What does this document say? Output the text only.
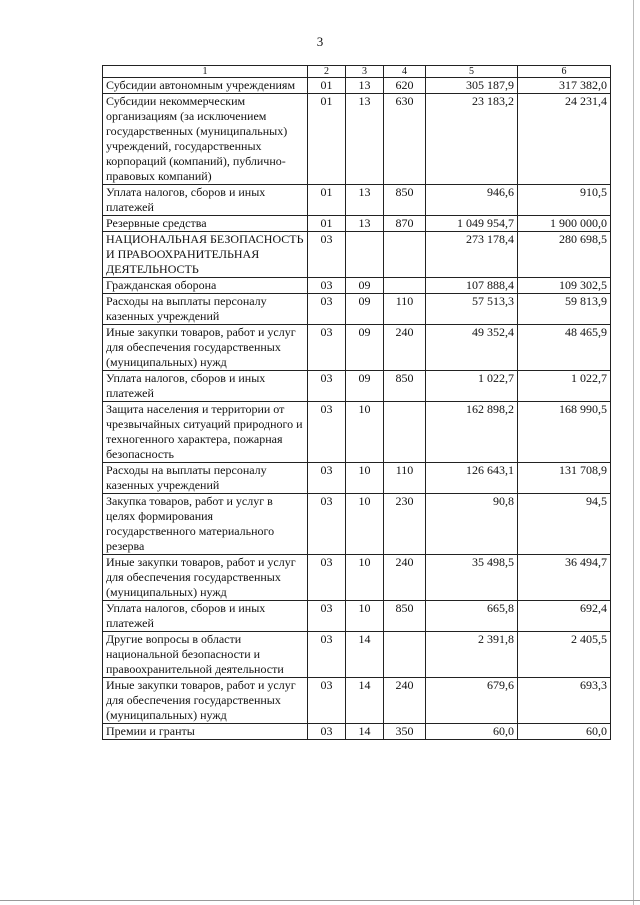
3
1	2	3	4	5	6
Субсидии автономным учреждениям	01	13	620	305 187,9	317 382,0
Субсидии некоммерческим организациям (за исключением государственных (муниципальных) учреждений, государственных корпораций (компаний), публично-правовых компаний)	01	13	630	23 183,2	24 231,4
Уплата налогов, сборов и иных платежей	01	13	850	946,6	910,5
Резервные средства	01	13	870	1 049 954,7	1 900 000,0
НАЦИОНАЛЬНАЯ БЕЗОПАСНОСТЬ И ПРАВООХРАНИТЕЛЬНАЯ ДЕЯТЕЛЬНОСТЬ	03			273 178,4	280 698,5
Гражданская оборона	03	09		107 888,4	109 302,5
Расходы на выплаты персоналу казенных учреждений	03	09	110	57 513,3	59 813,9
Иные закупки товаров, работ и услуг для обеспечения государственных (муниципальных) нужд	03	09	240	49 352,4	48 465,9
Уплата налогов, сборов и иных платежей	03	09	850	1 022,7	1 022,7
Защита населения и территории от чрезвычайных ситуаций природного и техногенного характера, пожарная безопасность	03	10		162 898,2	168 990,5
Расходы на выплаты персоналу казенных учреждений	03	10	110	126 643,1	131 708,9
Закупка товаров, работ и услуг в целях формирования государственного материального резерва	03	10	230	90,8	94,5
Иные закупки товаров, работ и услуг для обеспечения государственных (муниципальных) нужд	03	10	240	35 498,5	36 494,7
Уплата налогов, сборов и иных платежей	03	10	850	665,8	692,4
Другие вопросы в области национальной безопасности и правоохранительной деятельности	03	14		2 391,8	2 405,5
Иные закупки товаров, работ и услуг для обеспечения государственных (муниципальных) нужд	03	14	240	679,6	693,3
Премии и гранты	03	14	350	60,0	60,0
